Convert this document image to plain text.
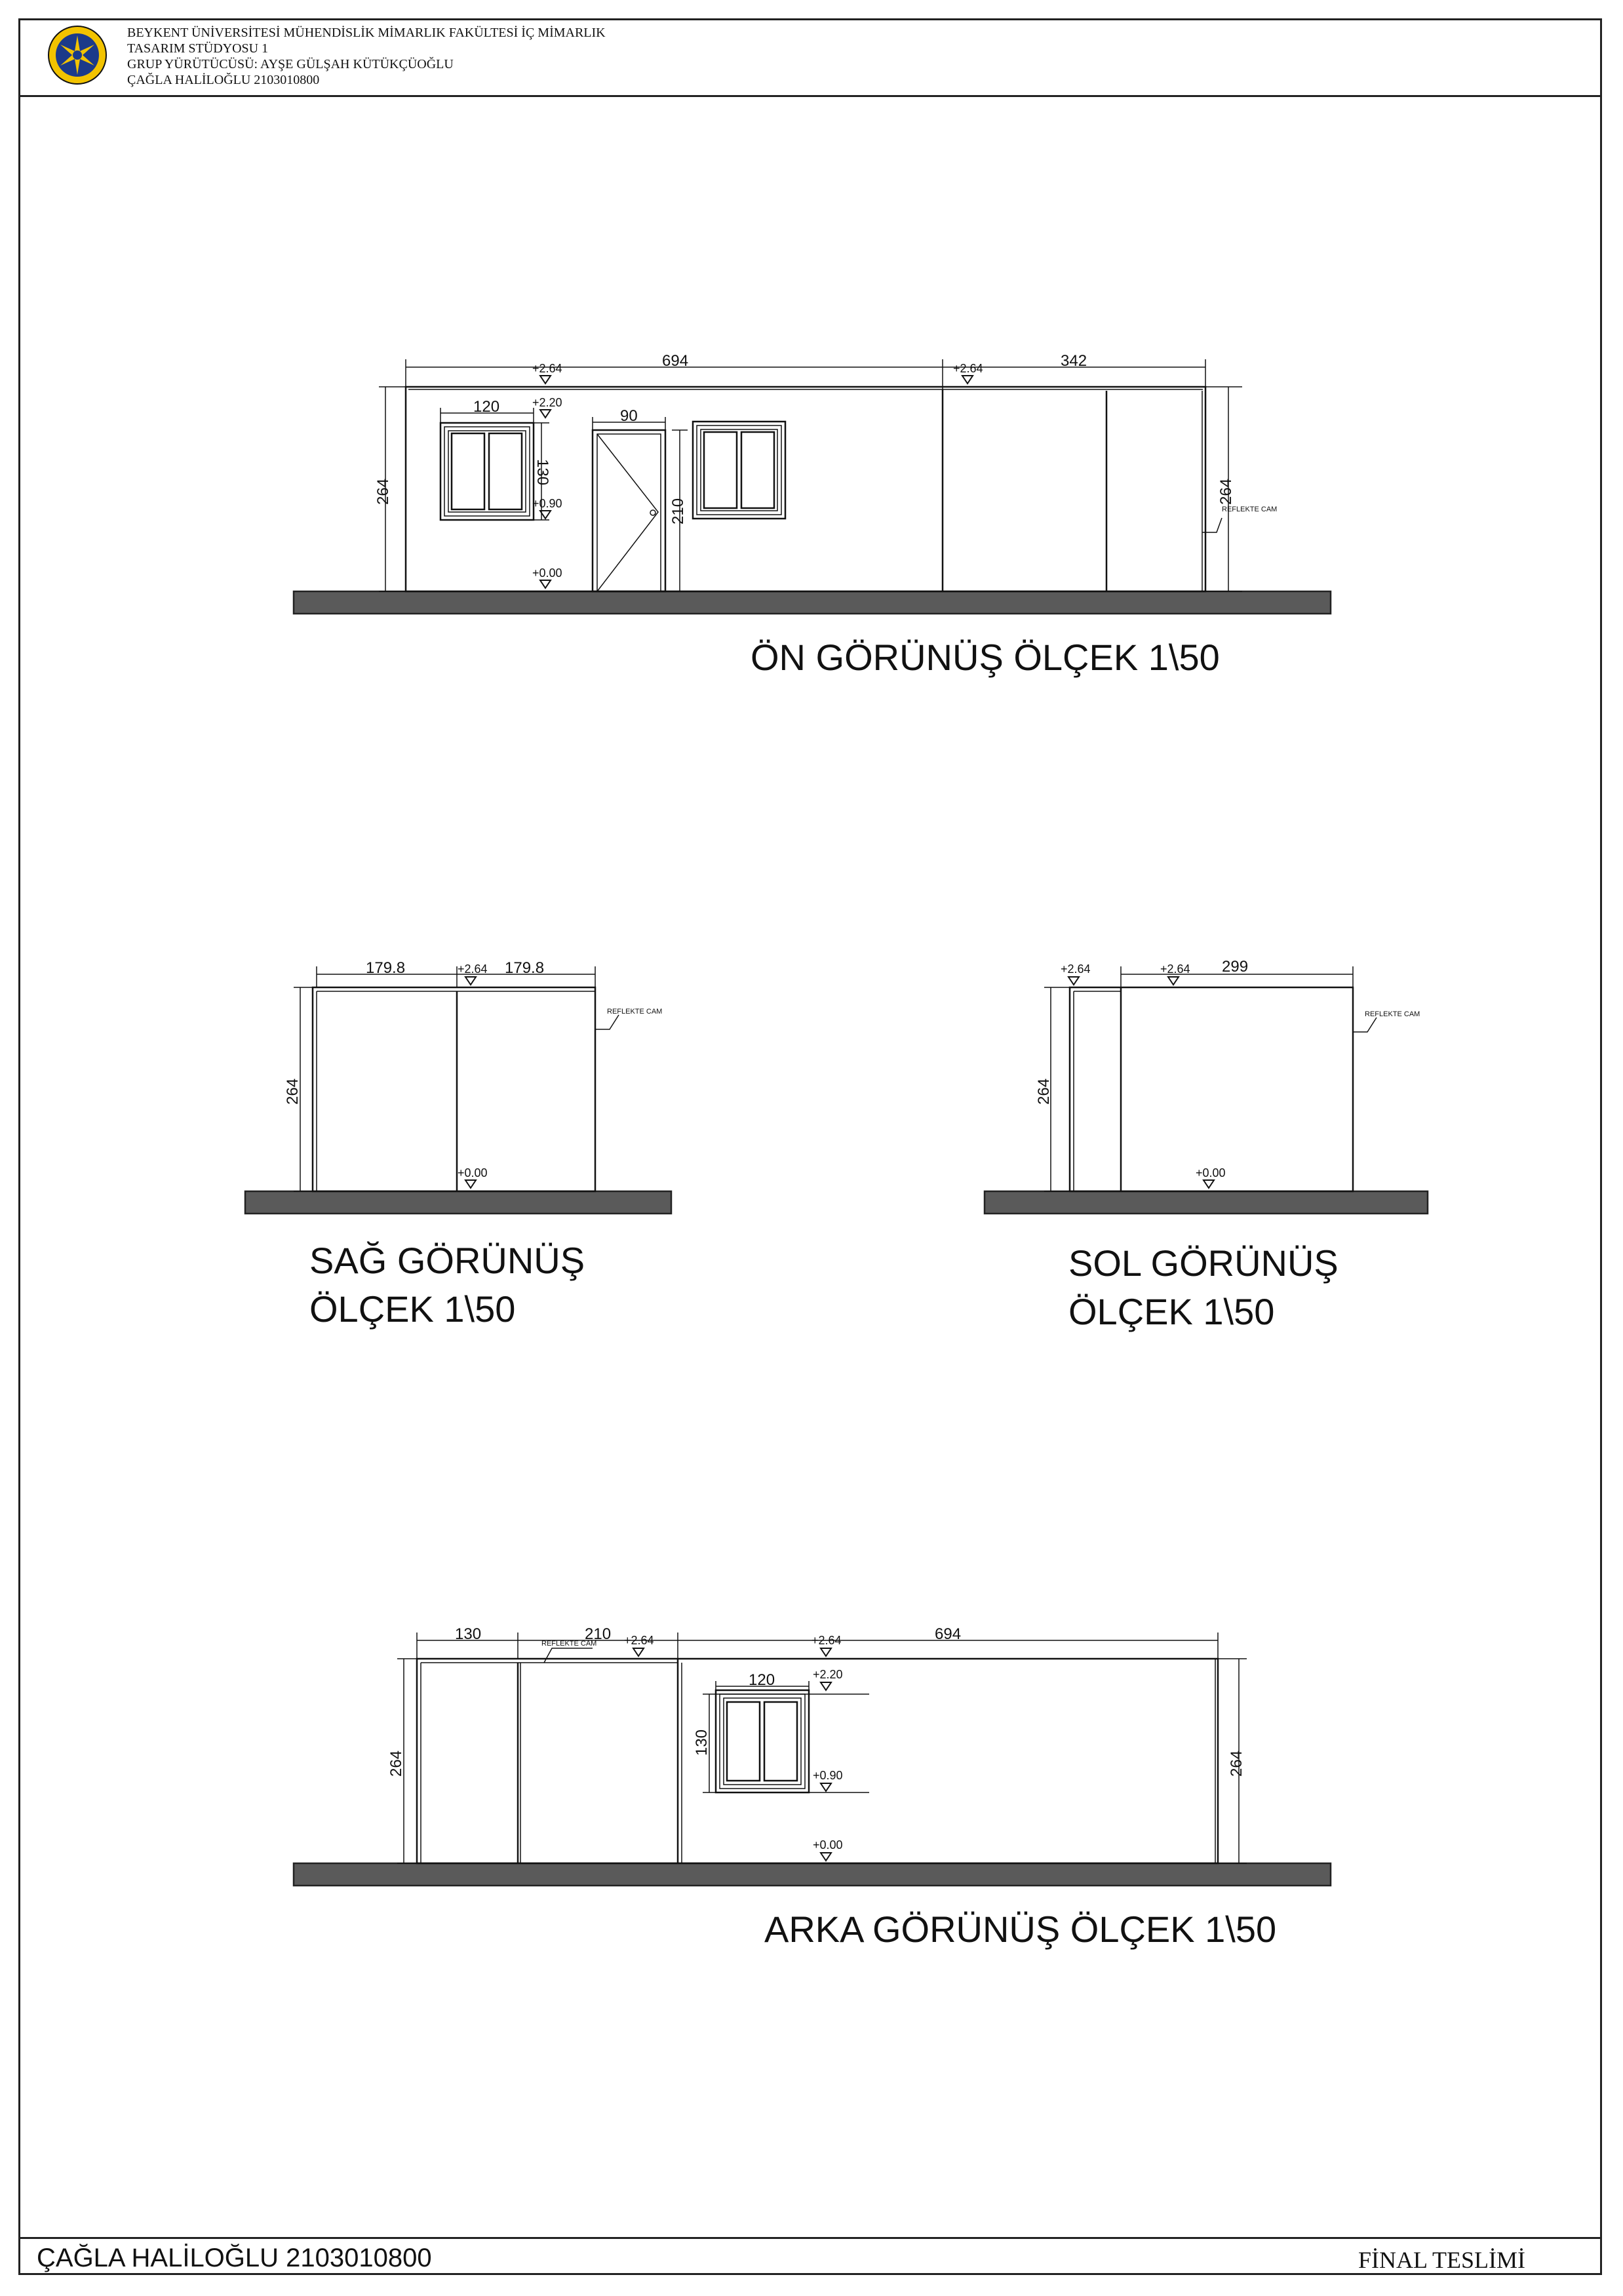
BEYKENT ÜNİVERSİTESİ MÜHENDİSLİK MİMARLIK FAKÜLTESİ İÇ MİMARLIK
TASARIM STÜDYOSU 1
GRUP YÜRÜTÜCÜSÜ: AYŞE GÜLŞAH KÜTÜKÇÜOĞLU
ÇAĞLA HALİLOĞLU 2103010800
694	342
120
90
130
210
264	264
+2.64	+2.64
+2.20
+0.90
+0.00
REFLEKTE CAM
ÖN GÖRÜNÜŞ ÖLÇEK 1\50
179.8	179.8
264
+2.64
+0.00
REFLEKTE CAM
SAĞ GÖRÜNÜŞ
ÖLÇEK 1\50
299
264
+2.64	+2.64
+0.00
REFLEKTE CAM
SOL GÖRÜNÜŞ
ÖLÇEK 1\50
130	210	694
120
130
264	264
+2.64	+2.64
+2.20
+0.90
+0.00
REFLEKTE CAM
ARKA GÖRÜNÜŞ ÖLÇEK 1\50
ÇAĞLA HALİLOĞLU 2103010800	FİNAL TESLİMİ
